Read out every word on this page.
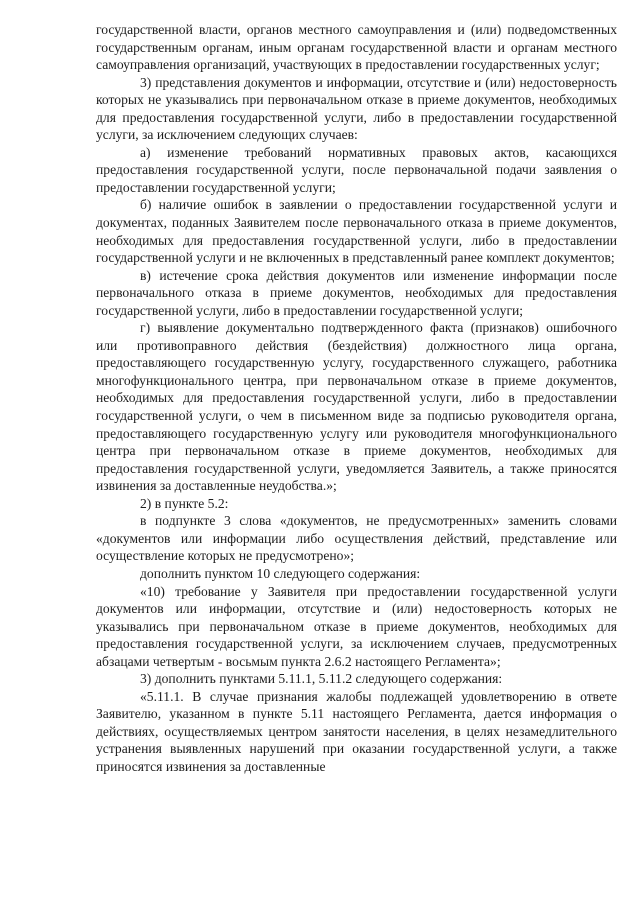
государственной власти, органов местного самоуправления и (или) подведомственных государственным органам, иным органам государственной власти и органам местного самоуправления организаций, участвующих в предоставлении государственных услуг;

3) представления документов и информации, отсутствие и (или) недостоверность которых не указывались при первоначальном отказе в приеме документов, необходимых для предоставления государственной услуги, либо в предоставлении государственной услуги, за исключением следующих случаев:

а) изменение требований нормативных правовых актов, касающихся предоставления государственной услуги, после первоначальной подачи заявления о предоставлении государственной услуги;

б) наличие ошибок в заявлении о предоставлении государственной услуги и документах, поданных Заявителем после первоначального отказа в приеме документов, необходимых для предоставления государственной услуги, либо в предоставлении государственной услуги и не включенных в представленный ранее комплект документов;

в) истечение срока действия документов или изменение информации после первоначального отказа в приеме документов, необходимых для предоставления государственной услуги, либо в предоставлении государственной услуги;

г) выявление документально подтвержденного факта (признаков) ошибочного или противоправного действия (бездействия) должностного лица органа, предоставляющего государственную услугу, государственного служащего, работника многофункционального центра, при первоначальном отказе в приеме документов, необходимых для предоставления государственной услуги, либо в предоставлении государственной услуги, о чем в письменном виде за подписью руководителя органа, предоставляющего государственную услугу или руководителя многофункционального центра при первоначальном отказе в приеме документов, необходимых для предоставления государственной услуги, уведомляется Заявитель, а также приносятся извинения за доставленные неудобства.»;

2) в пункте 5.2:

в подпункте 3 слова «документов, не предусмотренных» заменить словами «документов или информации либо осуществления действий, представление или осуществление которых не предусмотрено»;

дополнить пунктом 10 следующего содержания:

«10) требование у Заявителя при предоставлении государственной услуги документов или информации, отсутствие и (или) недостоверность которых не указывались при первоначальном отказе в приеме документов, необходимых для предоставления государственной услуги, за исключением случаев, предусмотренных абзацами четвертым - восьмым пункта 2.6.2 настоящего Регламента»;

3) дополнить пунктами 5.11.1, 5.11.2 следующего содержания:

«5.11.1. В случае признания жалобы подлежащей удовлетворению в ответе Заявителю, указанном в пункте 5.11 настоящего Регламента, дается информация о действиях, осуществляемых центром занятости населения, в целях незамедлительного устранения выявленных нарушений при оказании государственной услуги, а также приносятся извинения за доставленные
